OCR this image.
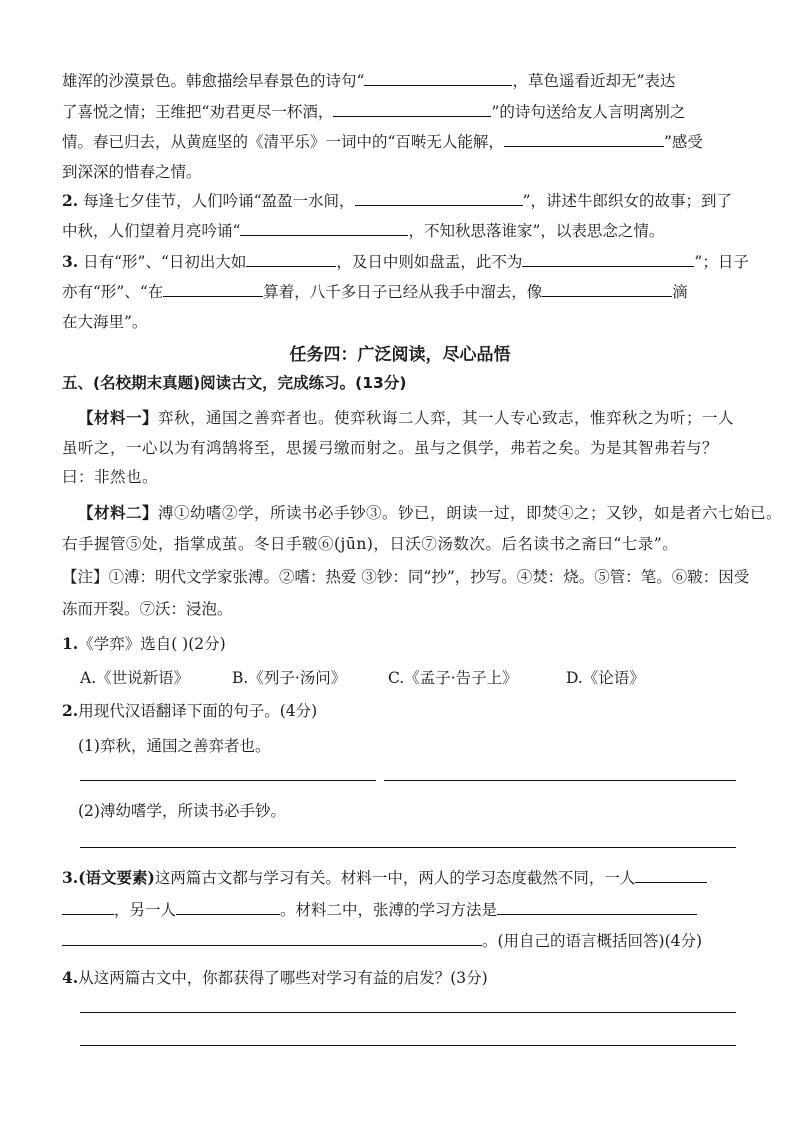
雄浑的沙漠景色。韩愈描绘早春景色的诗句“	，草色遥看近却无”表达
了喜悦之情；王维把“劝君更尽一杯酒，	”的诗句送给友人言明离别之
情。春已归去，从黄庭坚的《清平乐》一词中的“百啭无人能解，	”感受
到深深的惜春之情。
2. 每逢七夕佳节，人们吟诵“盈盈一水间，	”，讲述牛郎织女的故事；到了
中秋，人们望着月亮吟诵“	，不知秋思落谁家”，以表思念之情。
3. 日有“形”、“日初出大如	，及日中则如盘盂，此不为	”；日子
亦有“形”、“在	算着，八千多日子已经从我手中溜去，像	滴
在大海里”。
任务四：广泛阅读，尽心品悟
五、(名校期末真题)阅读古文，完成练习。(13分)
【材料一】弈秋，通国之善弈者也。使弈秋诲二人弈，其一人专心致志，惟弈秋之为听；一人
虽听之，一心以为有鸿鹄将至，思援弓缴而射之。虽与之俱学，弗若之矣。为是其智弗若与？
曰：非然也。
【材料二】溥①幼嗜②学，所读书必手钞③。钞已，朗读一过，即焚④之；又钞，如是者六七始已。
右手握管⑤处，指掌成茧。冬日手皲⑥(jūn)，日沃⑦汤数次。后名读书之斋曰“七录”。
【注】①溥：明代文学家张溥。②嗜：热爱 ③钞：同“抄”，抄写。④焚：烧。⑤管：笔。⑥皲：因受
冻而开裂。⑦沃：浸泡。
1.《学弈》选自( )(2分)
A.《世说新语》	B.《列子·汤问》	C.《孟子·告子上》	D.《论语》
2.用现代汉语翻译下面的句子。(4分)
(1)弈秋，通国之善弈者也。
(2)溥幼嗜学，所读书必手钞。
3.(语文要素)这两篇古文都与学习有关。材料一中，两人的学习态度截然不同，一人
，另一人	。材料二中，张溥的学习方法是
。(用自己的语言概括回答)(4分)
4.从这两篇古文中，你都获得了哪些对学习有益的启发？(3分)
